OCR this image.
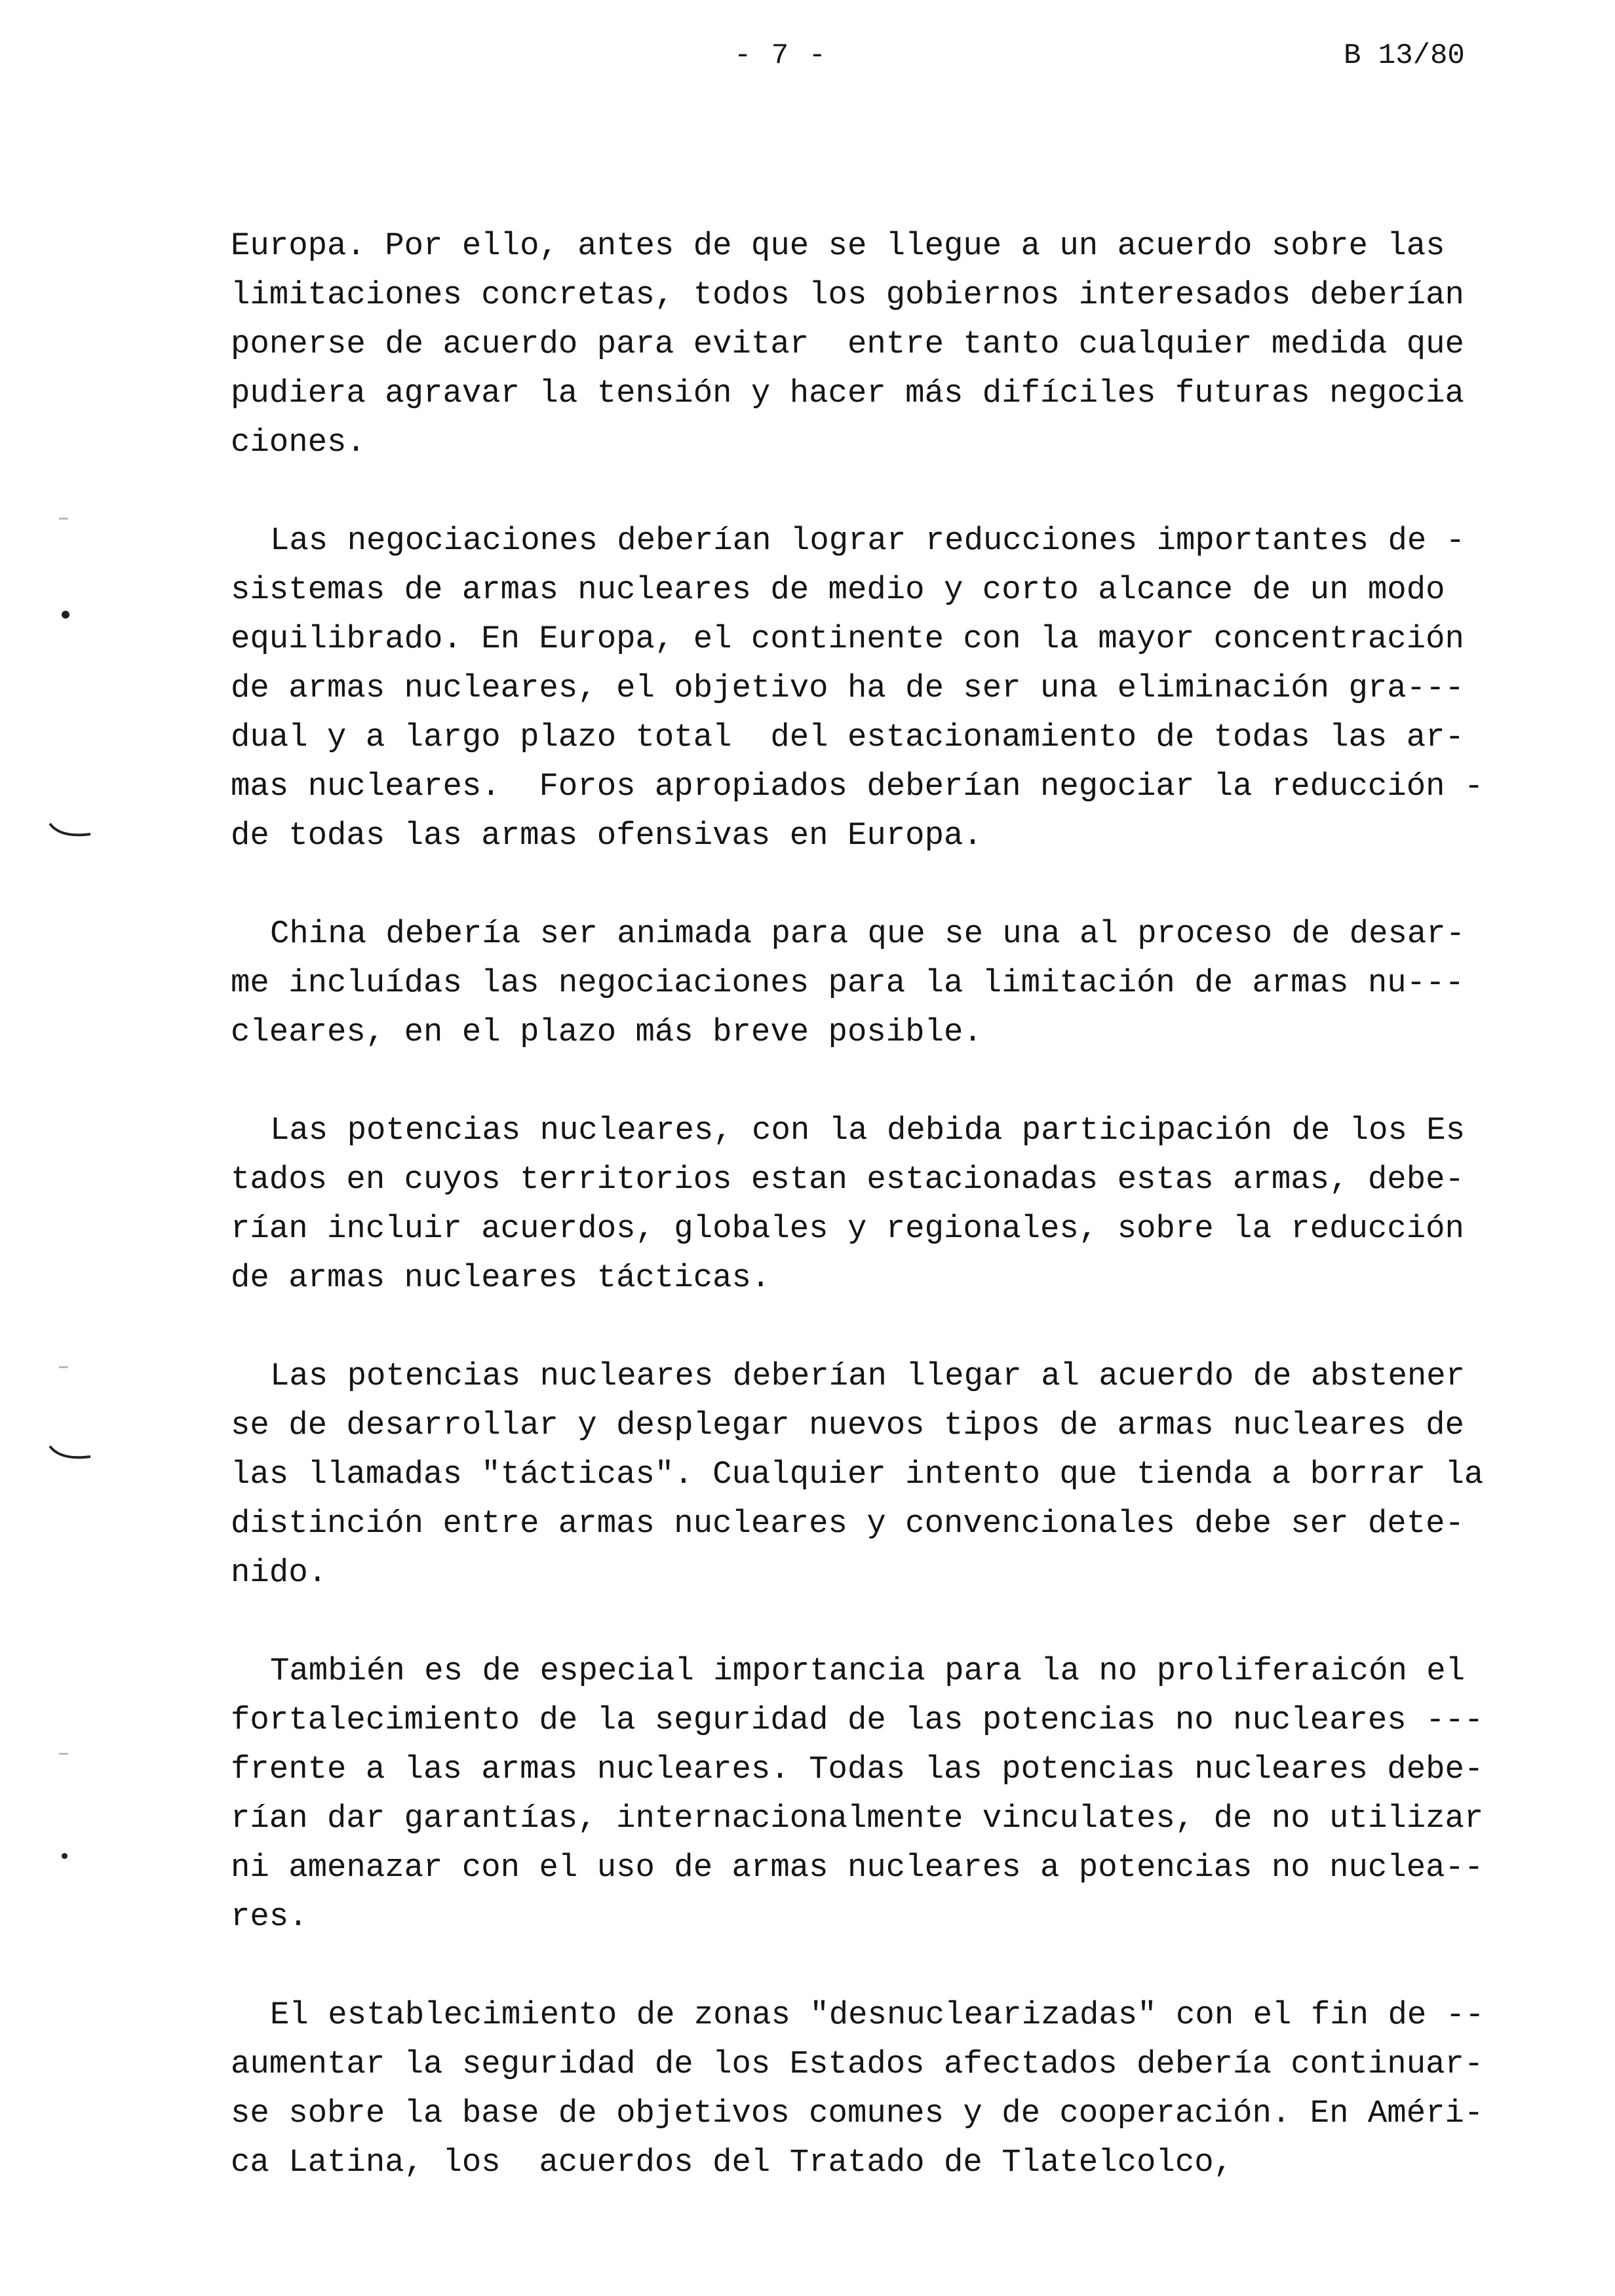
- 7 -	B 13/80
Europa. Por ello, antes de que se llegue a un acuerdo sobre las
limitaciones concretas, todos los gobiernos interesados deberían
ponerse de acuerdo para evitar  entre tanto cualquier medida que
pudiera agravar la tensión y hacer más difíciles futuras negocia
ciones.
Las negociaciones deberían lograr reducciones importantes de -
sistemas de armas nucleares de medio y corto alcance de un modo
equilibrado. En Europa, el continente con la mayor concentración
de armas nucleares, el objetivo ha de ser una eliminación gra---
dual y a largo plazo total  del estacionamiento de todas las ar-
mas nucleares.  Foros apropiados deberían negociar la reducción -
de todas las armas ofensivas en Europa.
China debería ser animada para que se una al proceso de desar-
me incluídas las negociaciones para la limitación de armas nu---
cleares, en el plazo más breve posible.
Las potencias nucleares, con la debida participación de los Es
tados en cuyos territorios estan estacionadas estas armas, debe-
rían incluir acuerdos, globales y regionales, sobre la reducción
de armas nucleares tácticas.
Las potencias nucleares deberían llegar al acuerdo de abstener
se de desarrollar y desplegar nuevos tipos de armas nucleares de
las llamadas "tácticas". Cualquier intento que tienda a borrar la
distinción entre armas nucleares y convencionales debe ser dete-
nido.
También es de especial importancia para la no proliferaicón el
fortalecimiento de la seguridad de las potencias no nucleares ---
frente a las armas nucleares. Todas las potencias nucleares debe-
rían dar garantías, internacionalmente vinculates, de no utilizar
ni amenazar con el uso de armas nucleares a potencias no nuclea--
res.
El establecimiento de zonas "desnuclearizadas" con el fin de --
aumentar la seguridad de los Estados afectados debería continuar-
se sobre la base de objetivos comunes y de cooperación. En Améri-
ca Latina, los  acuerdos del Tratado de Tlatelcolco,
